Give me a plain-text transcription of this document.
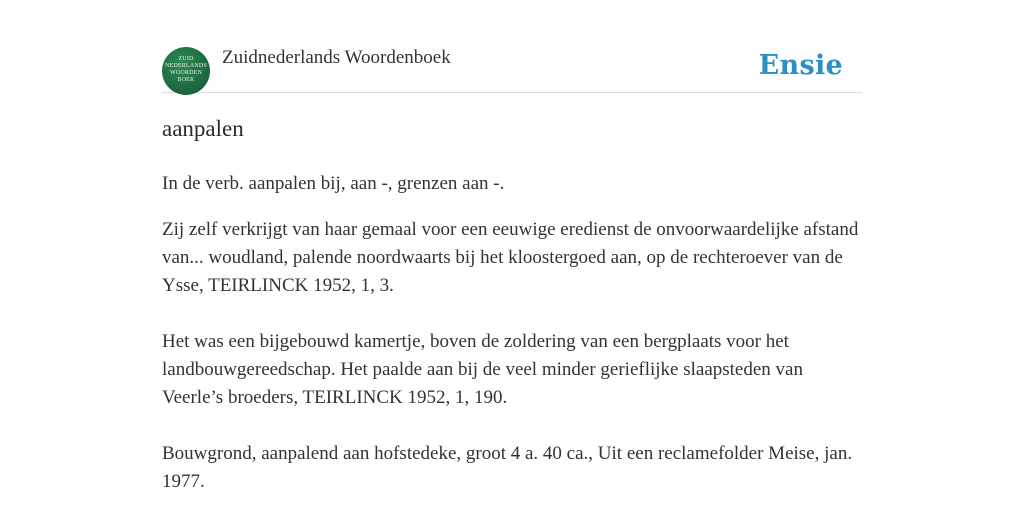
ZUID
NEDERLANDS
WOORDEN
BOEK
Zuidnederlands Woordenboek	Ensie
aanpalen
In de verb. aanpalen bij, aan -, grenzen aan -.

Zij zelf verkrijgt van haar gemaal voor een eeuwige eredienst de onvoorwaardelijke afstand van... woudland, palende noordwaarts bij het kloostergoed aan, op de rechteroever van de Ysse, TEIRLINCK 1952, 1, 3.

Het was een bijgebouwd kamertje, boven de zoldering van een bergplaats voor het landbouwgereedschap. Het paalde aan bij de veel minder gerieflijke slaapsteden van Veerle’s broeders, TEIRLINCK 1952, 1, 190.

Bouwgrond, aanpalend aan hofstedeke, groot 4 a. 40 ca., Uit een reclamefolder Meise, jan. 1977.
